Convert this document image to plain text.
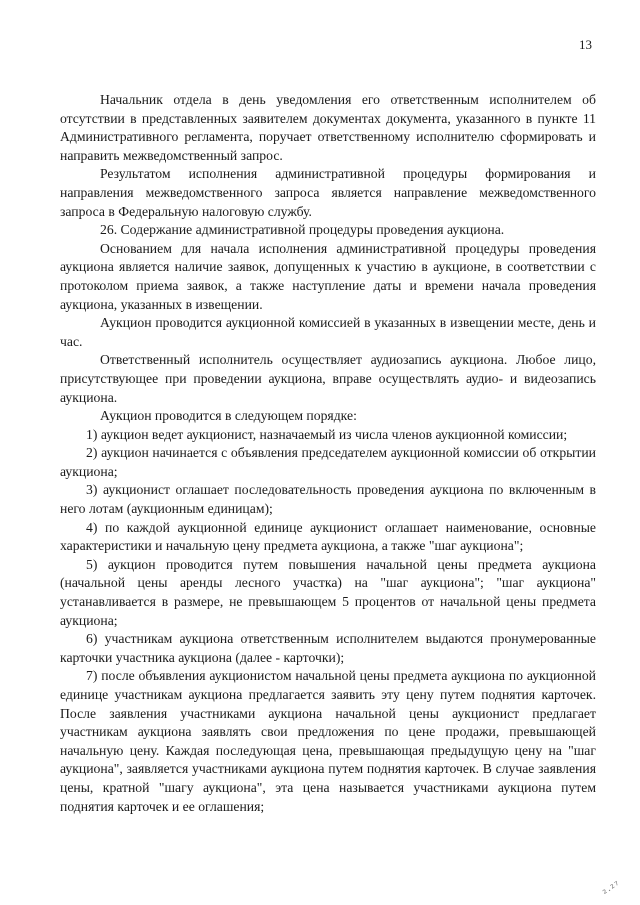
13

Начальник отдела в день уведомления его ответственным исполнителем об отсутствии в представленных заявителем документах документа, указанного в пункте 11 Административного регламента, поручает ответственному исполнителю сформировать и направить межведомственный запрос.

Результатом исполнения административной процедуры формирования и направления межведомственного запроса является направление межведомственного запроса в Федеральную налоговую службу.

26. Содержание административной процедуры проведения аукциона.

Основанием для начала исполнения административной процедуры проведения аукциона является наличие заявок, допущенных к участию в аукционе, в соответствии с протоколом приема заявок, а также наступление даты и времени начала проведения аукциона, указанных в извещении.

Аукцион проводится аукционной комиссией в указанных в извещении месте, день и час.

Ответственный исполнитель осуществляет аудиозапись аукциона. Любое лицо, присутствующее при проведении аукциона, вправе осуществлять аудио- и видеозапись аукциона.

Аукцион проводится в следующем порядке:

1) аукцион ведет аукционист, назначаемый из числа членов аукционной комиссии;

2) аукцион начинается с объявления председателем аукционной комиссии об открытии аукциона;

3) аукционист оглашает последовательность проведения аукциона по включенным в него лотам (аукционным единицам);

4) по каждой аукционной единице аукционист оглашает наименование, основные характеристики и начальную цену предмета аукциона, а также "шаг аукциона";

5) аукцион проводится путем повышения начальной цены предмета аукциона (начальной цены аренды лесного участка) на "шаг аукциона"; "шаг аукциона" устанавливается в размере, не превышающем 5 процентов от начальной цены предмета аукциона;

6) участникам аукциона ответственным исполнителем выдаются пронумерованные карточки участника аукциона (далее - карточки);

7) после объявления аукционистом начальной цены предмета аукциона по аукционной единице участникам аукциона предлагается заявить эту цену путем поднятия карточек. После заявления участниками аукциона начальной цены аукционист предлагает участникам аукциона заявлять свои предложения по цене продажи, превышающей начальную цену. Каждая последующая цена, превышающая предыдущую цену на "шаг аукциона", заявляется участниками аукциона путем поднятия карточек. В случае заявления цены, кратной "шагу аукциона", эта цена называется участниками аукциона путем поднятия карточек и ее оглашения;

²·²⁷
